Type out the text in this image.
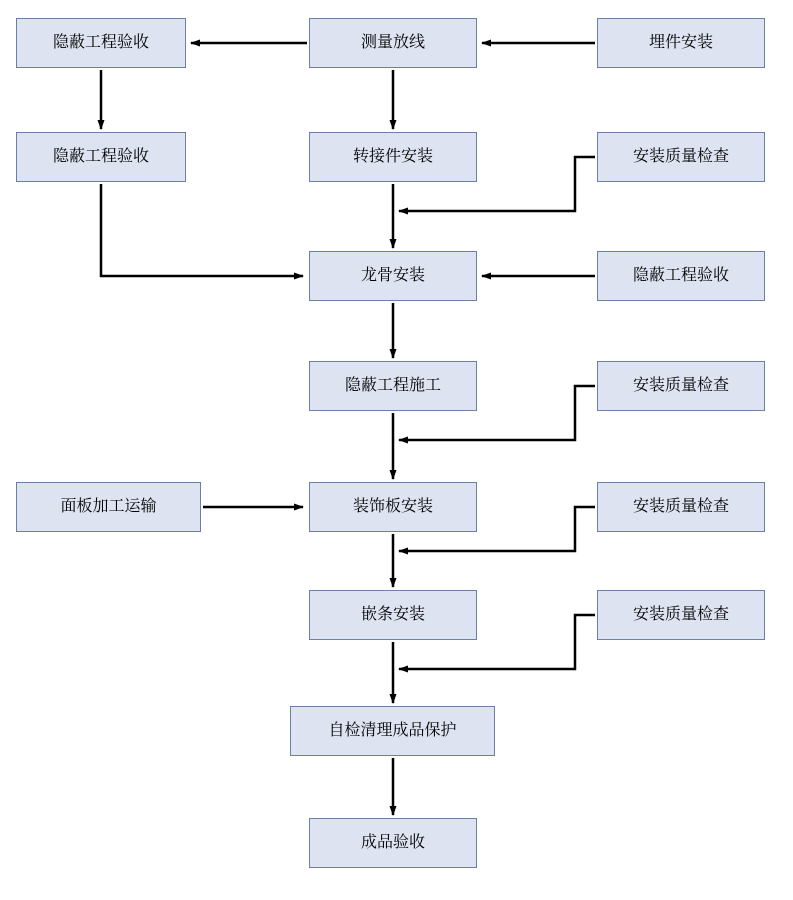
隐蔽工程验收	测量放线	埋件安装
隐蔽工程验收	转接件安装	安装质量检查
龙骨安装	隐蔽工程验收
隐蔽工程施工	安装质量检查
面板加工运输	装饰板安装	安装质量检查
嵌条安装	安装质量检查
自检清理成品保护
成品验收
